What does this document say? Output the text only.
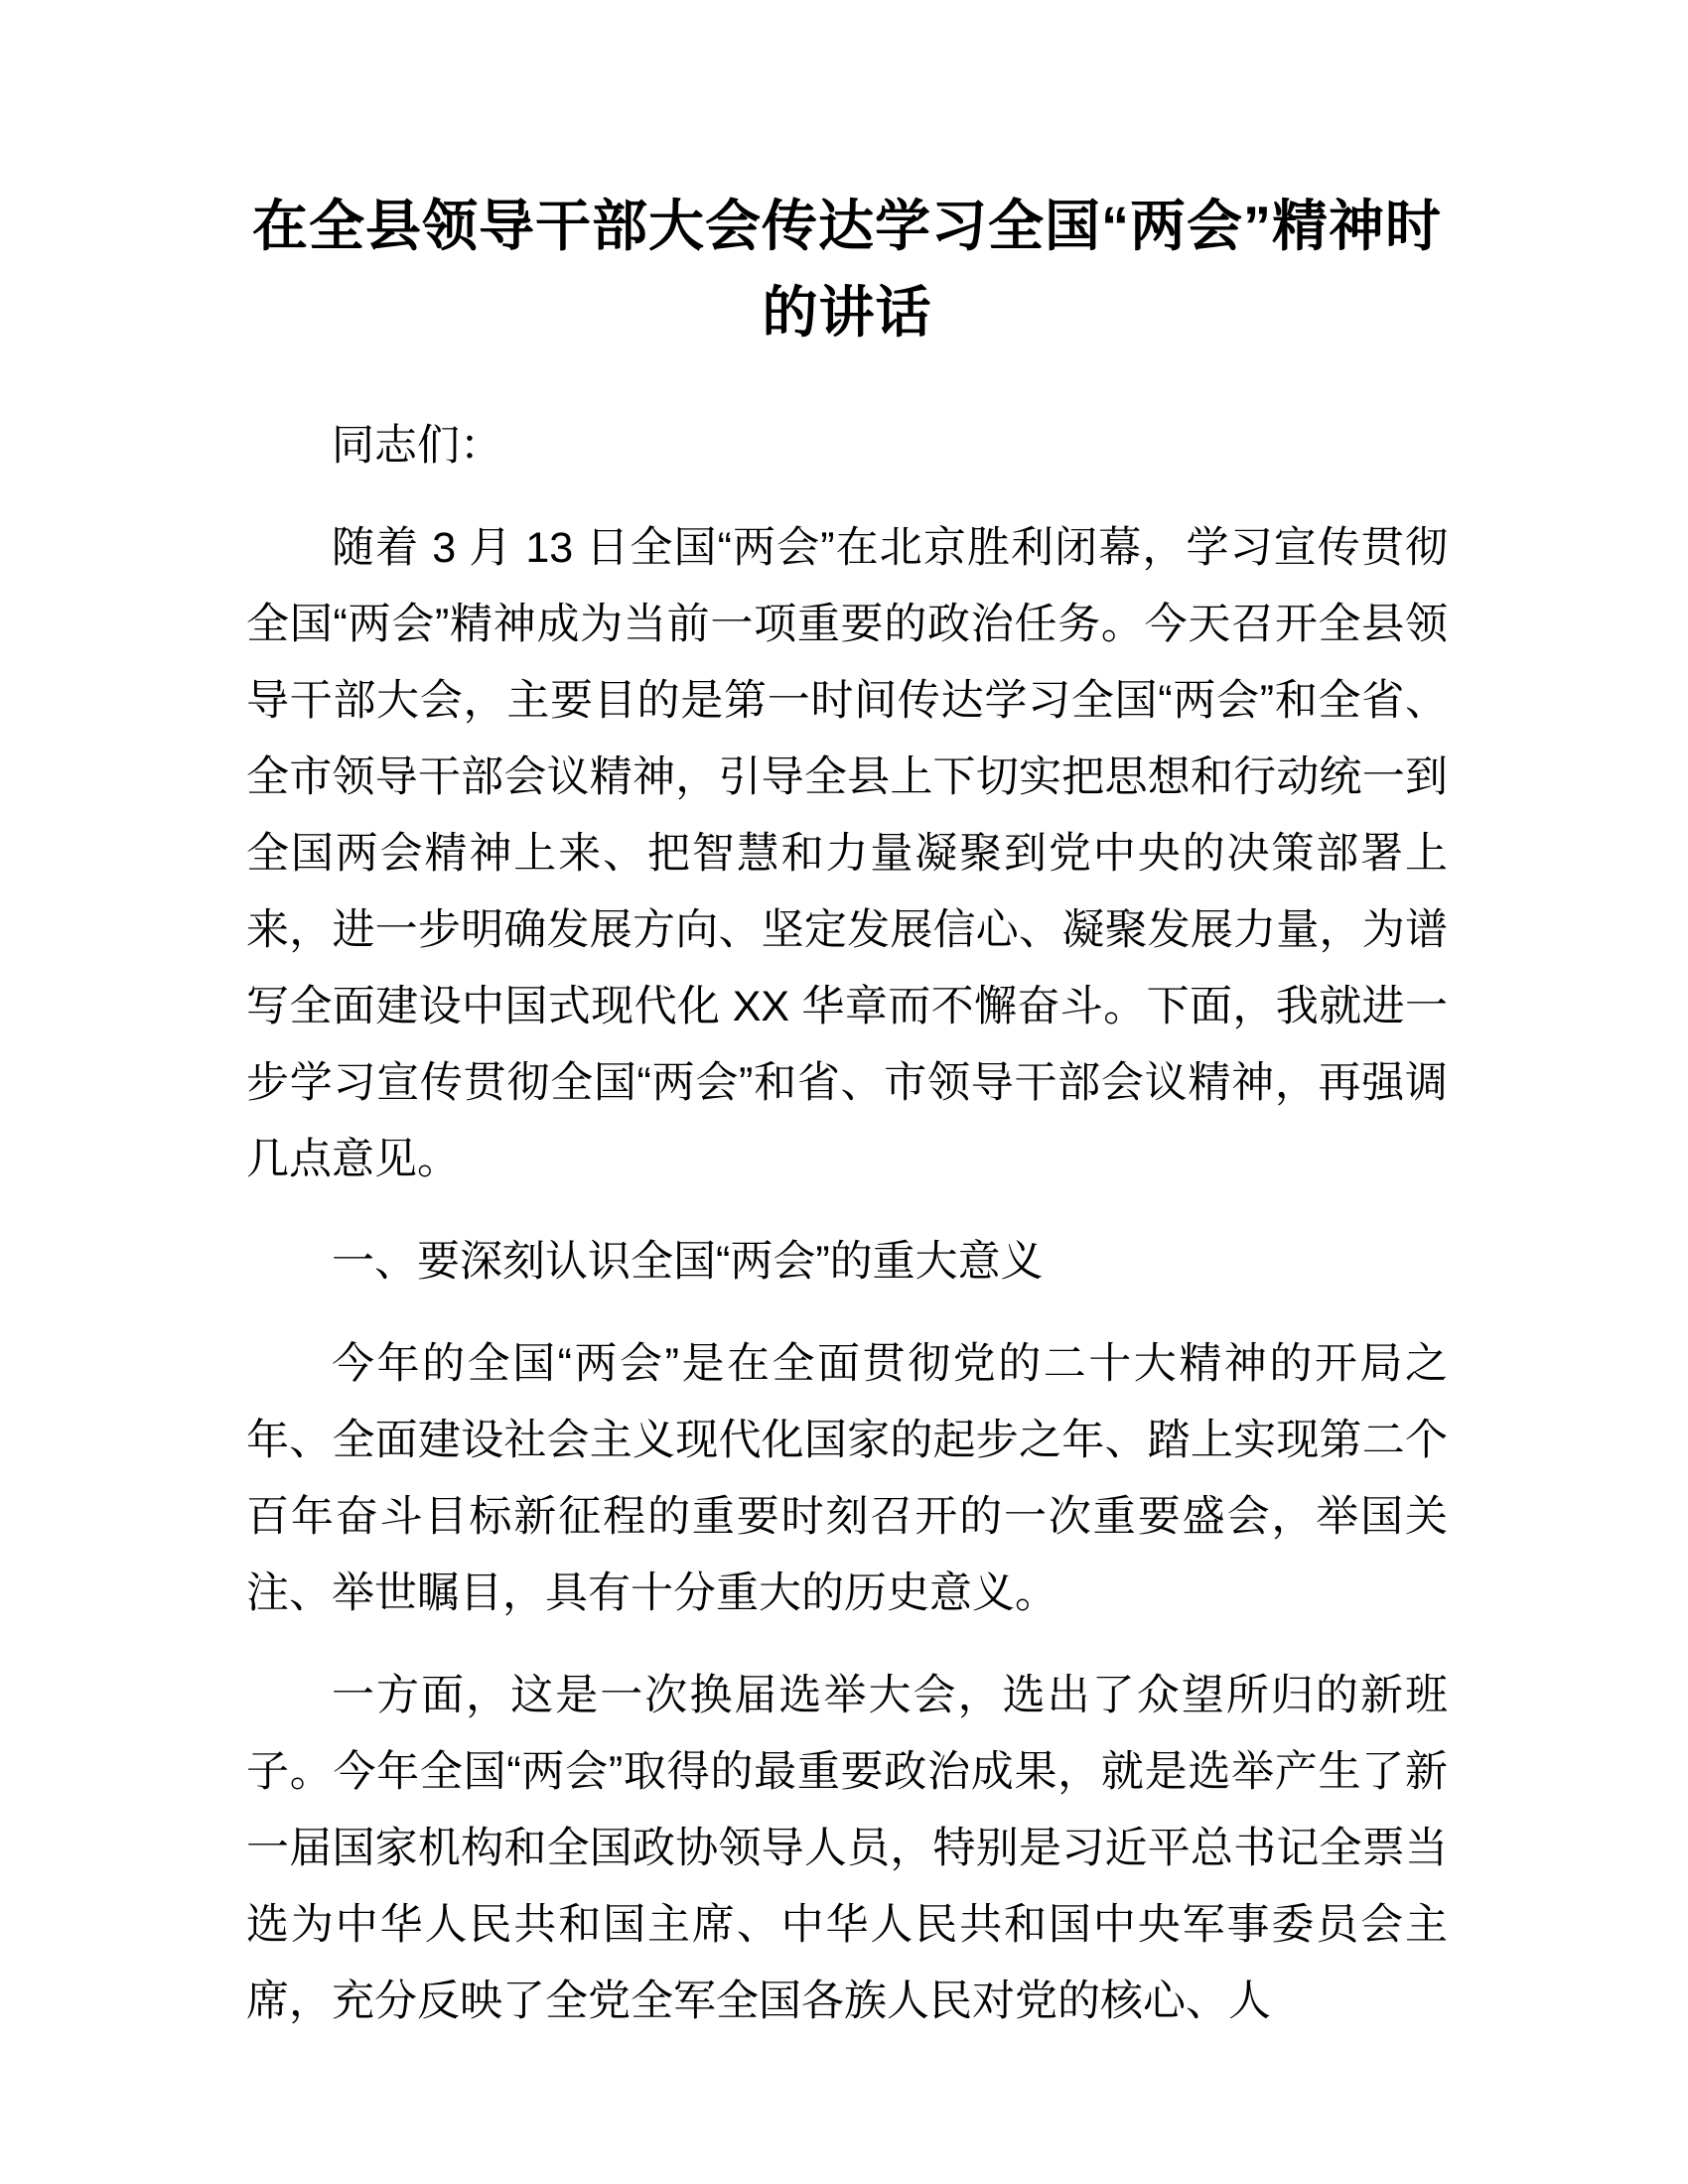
在全县领导干部大会传达学习全国“两会”精神时的讲话

同志们：

随着 3 月 13 日全国“两会”在北京胜利闭幕，学习宣传贯彻全国“两会”精神成为当前一项重要的政治任务。今天召开全县领导干部大会，主要目的是第一时间传达学习全国“两会”和全省、全市领导干部会议精神，引导全县上下切实把思想和行动统一到全国两会精神上来、把智慧和力量凝聚到党中央的决策部署上来，进一步明确发展方向、坚定发展信心、凝聚发展力量，为谱写全面建设中国式现代化 XX 华章而不懈奋斗。下面，我就进一步学习宣传贯彻全国“两会”和省、市领导干部会议精神，再强调几点意见。

一、要深刻认识全国“两会”的重大意义

今年的全国“两会”是在全面贯彻党的二十大精神的开局之年、全面建设社会主义现代化国家的起步之年、踏上实现第二个百年奋斗目标新征程的重要时刻召开的一次重要盛会，举国关注、举世瞩目，具有十分重大的历史意义。

一方面，这是一次换届选举大会，选出了众望所归的新班子。今年全国“两会”取得的最重要政治成果，就是选举产生了新一届国家机构和全国政协领导人员，特别是习近平总书记全票当选为中华人民共和国主席、中华人民共和国中央军事委员会主席，充分反映了全党全军全国各族人民对党的核心、人
